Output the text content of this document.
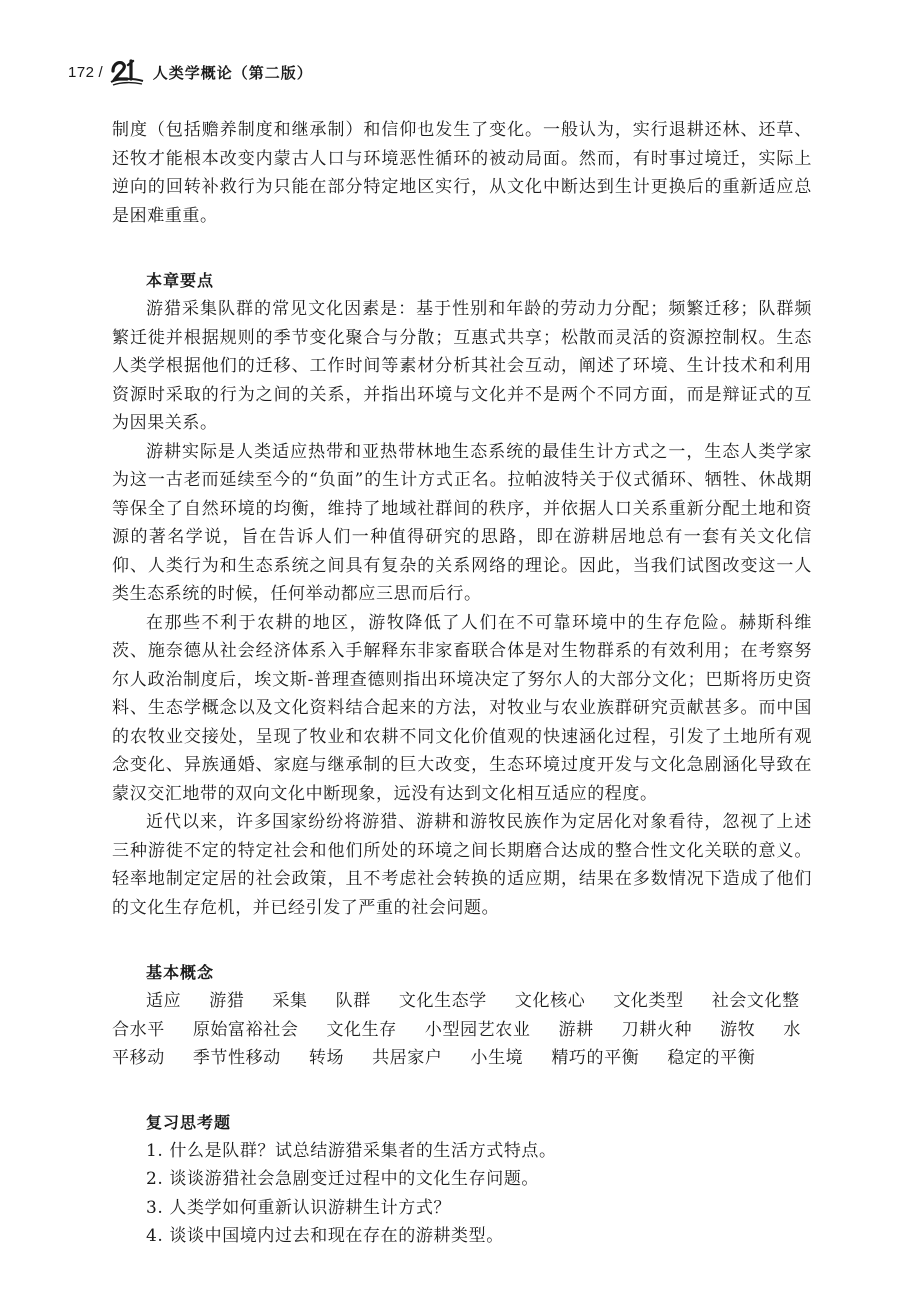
172 /	人类学概论（第二版）

制度（包括赡养制度和继承制）和信仰也发生了变化。一般认为，实行退耕还林、还草、还牧才能根本改变内蒙古人口与环境恶性循环的被动局面。然而，有时事过境迁，实际上逆向的回转补救行为只能在部分特定地区实行，从文化中断达到生计更换后的重新适应总是困难重重。

本章要点

游猎采集队群的常见文化因素是：基于性别和年龄的劳动力分配；频繁迁移；队群频繁迁徙并根据规则的季节变化聚合与分散；互惠式共享；松散而灵活的资源控制权。生态人类学根据他们的迁移、工作时间等素材分析其社会互动，阐述了环境、生计技术和利用资源时采取的行为之间的关系，并指出环境与文化并不是两个不同方面，而是辩证式的互为因果关系。

游耕实际是人类适应热带和亚热带林地生态系统的最佳生计方式之一，生态人类学家为这一古老而延续至今的“负面”的生计方式正名。拉帕波特关于仪式循环、牺牲、休战期等保全了自然环境的均衡，维持了地域社群间的秩序，并依据人口关系重新分配土地和资源的著名学说，旨在告诉人们一种值得研究的思路，即在游耕居地总有一套有关文化信仰、人类行为和生态系统之间具有复杂的关系网络的理论。因此，当我们试图改变这一人类生态系统的时候，任何举动都应三思而后行。

在那些不利于农耕的地区，游牧降低了人们在不可靠环境中的生存危险。赫斯科维茨、施奈德从社会经济体系入手解释东非家畜联合体是对生物群系的有效利用；在考察努尔人政治制度后，埃文斯-普理查德则指出环境决定了努尔人的大部分文化；巴斯将历史资料、生态学概念以及文化资料结合起来的方法，对牧业与农业族群研究贡献甚多。而中国的农牧业交接处，呈现了牧业和农耕不同文化价值观的快速涵化过程，引发了土地所有观念变化、异族通婚、家庭与继承制的巨大改变，生态环境过度开发与文化急剧涵化导致在蒙汉交汇地带的双向文化中断现象，远没有达到文化相互适应的程度。

近代以来，许多国家纷纷将游猎、游耕和游牧民族作为定居化对象看待，忽视了上述三种游徙不定的特定社会和他们所处的环境之间长期磨合达成的整合性文化关联的意义。轻率地制定定居的社会政策，且不考虑社会转换的适应期，结果在多数情况下造成了他们的文化生存危机，并已经引发了严重的社会问题。

基本概念
适应 游猎 采集 队群 文化生态学 文化核心 文化类型 社会文化整合水平 原始富裕社会 文化生存 小型园艺农业 游耕 刀耕火种 游牧 水平移动 季节性移动 转场 共居家户 小生境 精巧的平衡 稳定的平衡
复习思考题
1. 什么是队群？试总结游猎采集者的生活方式特点。
2. 谈谈游猎社会急剧变迁过程中的文化生存问题。
3. 人类学如何重新认识游耕生计方式？
4. 谈谈中国境内过去和现在存在的游耕类型。
